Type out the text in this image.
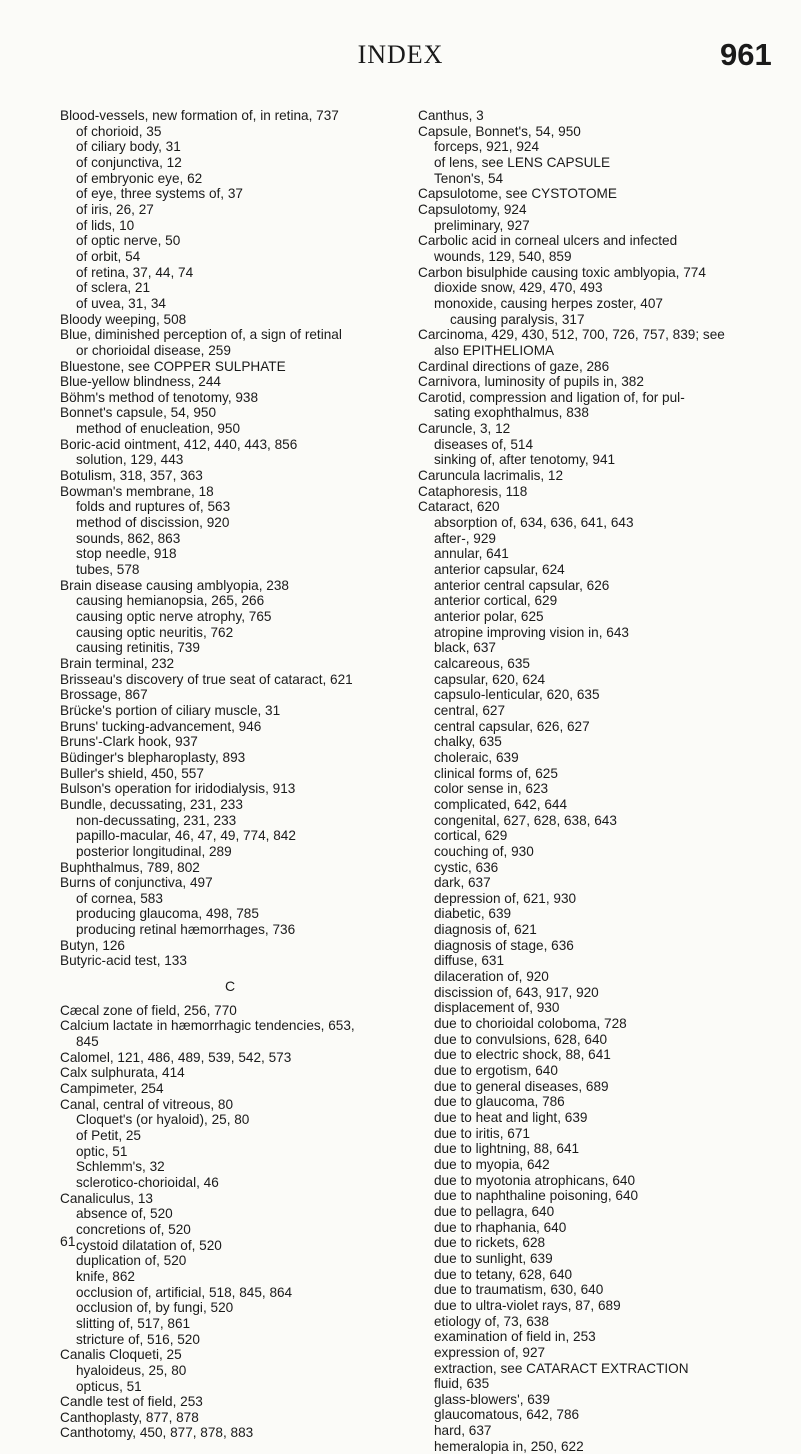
INDEX	961
Blood-vessels, new formation of, in retina, 737
of chorioid, 35
of ciliary body, 31
of conjunctiva, 12
of embryonic eye, 62
of eye, three systems of, 37
of iris, 26, 27
of lids, 10
of optic nerve, 50
of orbit, 54
of retina, 37, 44, 74
of sclera, 21
of uvea, 31, 34
Bloody weeping, 508
Blue, diminished perception of, a sign of retinal
or chorioidal disease, 259
Bluestone, see COPPER SULPHATE
Blue-yellow blindness, 244
Böhm's method of tenotomy, 938
Bonnet's capsule, 54, 950
method of enucleation, 950
Boric-acid ointment, 412, 440, 443, 856
solution, 129, 443
Botulism, 318, 357, 363
Bowman's membrane, 18
folds and ruptures of, 563
method of discission, 920
sounds, 862, 863
stop needle, 918
tubes, 578
Brain disease causing amblyopia, 238
causing hemianopsia, 265, 266
causing optic nerve atrophy, 765
causing optic neuritis, 762
causing retinitis, 739
Brain terminal, 232
Brisseau's discovery of true seat of cataract, 621
Brossage, 867
Brücke's portion of ciliary muscle, 31
Bruns' tucking-advancement, 946
Bruns'-Clark hook, 937
Büdinger's blepharoplasty, 893
Buller's shield, 450, 557
Bulson's operation for iridodialysis, 913
Bundle, decussating, 231, 233
non-decussating, 231, 233
papillo-macular, 46, 47, 49, 774, 842
posterior longitudinal, 289
Buphthalmus, 789, 802
Burns of conjunctiva, 497
of cornea, 583
producing glaucoma, 498, 785
producing retinal hæmorrhages, 736
Butyn, 126
Butyric-acid test, 133
C
Cæcal zone of field, 256, 770
Calcium lactate in hæmorrhagic tendencies, 653,
845
Calomel, 121, 486, 489, 539, 542, 573
Calx sulphurata, 414
Campimeter, 254
Canal, central of vitreous, 80
Cloquet's (or hyaloid), 25, 80
of Petit, 25
optic, 51
Schlemm's, 32
sclerotico-chorioidal, 46
Canaliculus, 13
absence of, 520
concretions of, 520
cystoid dilatation of, 520
duplication of, 520
knife, 862
occlusion of, artificial, 518, 845, 864
occlusion of, by fungi, 520
slitting of, 517, 861
stricture of, 516, 520
Canalis Cloqueti, 25
hyaloideus, 25, 80
opticus, 51
Candle test of field, 253
Canthoplasty, 877, 878
Canthotomy, 450, 877, 878, 883
Canthus, 3
Capsule, Bonnet's, 54, 950
forceps, 921, 924
of lens, see LENS CAPSULE
Tenon's, 54
Capsulotome, see CYSTOTOME
Capsulotomy, 924
preliminary, 927
Carbolic acid in corneal ulcers and infected
wounds, 129, 540, 859
Carbon bisulphide causing toxic amblyopia, 774
dioxide snow, 429, 470, 493
monoxide, causing herpes zoster, 407
causing paralysis, 317
Carcinoma, 429, 430, 512, 700, 726, 757, 839; see
also EPITHELIOMA
Cardinal directions of gaze, 286
Carnivora, luminosity of pupils in, 382
Carotid, compression and ligation of, for pul-
sating exophthalmus, 838
Caruncle, 3, 12
diseases of, 514
sinking of, after tenotomy, 941
Caruncula lacrimalis, 12
Cataphoresis, 118
Cataract, 620
absorption of, 634, 636, 641, 643
after-, 929
annular, 641
anterior capsular, 624
anterior central capsular, 626
anterior cortical, 629
anterior polar, 625
atropine improving vision in, 643
black, 637
calcareous, 635
capsular, 620, 624
capsulo-lenticular, 620, 635
central, 627
central capsular, 626, 627
chalky, 635
choleraic, 639
clinical forms of, 625
color sense in, 623
complicated, 642, 644
congenital, 627, 628, 638, 643
cortical, 629
couching of, 930
cystic, 636
dark, 637
depression of, 621, 930
diabetic, 639
diagnosis of, 621
diagnosis of stage, 636
diffuse, 631
dilaceration of, 920
discission of, 643, 917, 920
displacement of, 930
due to chorioidal coloboma, 728
due to convulsions, 628, 640
due to electric shock, 88, 641
due to ergotism, 640
due to general diseases, 689
due to glaucoma, 786
due to heat and light, 639
due to iritis, 671
due to lightning, 88, 641
due to myopia, 642
due to myotonia atrophicans, 640
due to naphthaline poisoning, 640
due to pellagra, 640
due to rhaphania, 640
due to rickets, 628
due to sunlight, 639
due to tetany, 628, 640
due to traumatism, 630, 640
due to ultra-violet rays, 87, 689
etiology of, 73, 638
examination of field in, 253
expression of, 927
extraction, see CATARACT EXTRACTION
fluid, 635
glass-blowers', 639
glaucomatous, 642, 786
hard, 637
hemeralopia in, 250, 622
61
